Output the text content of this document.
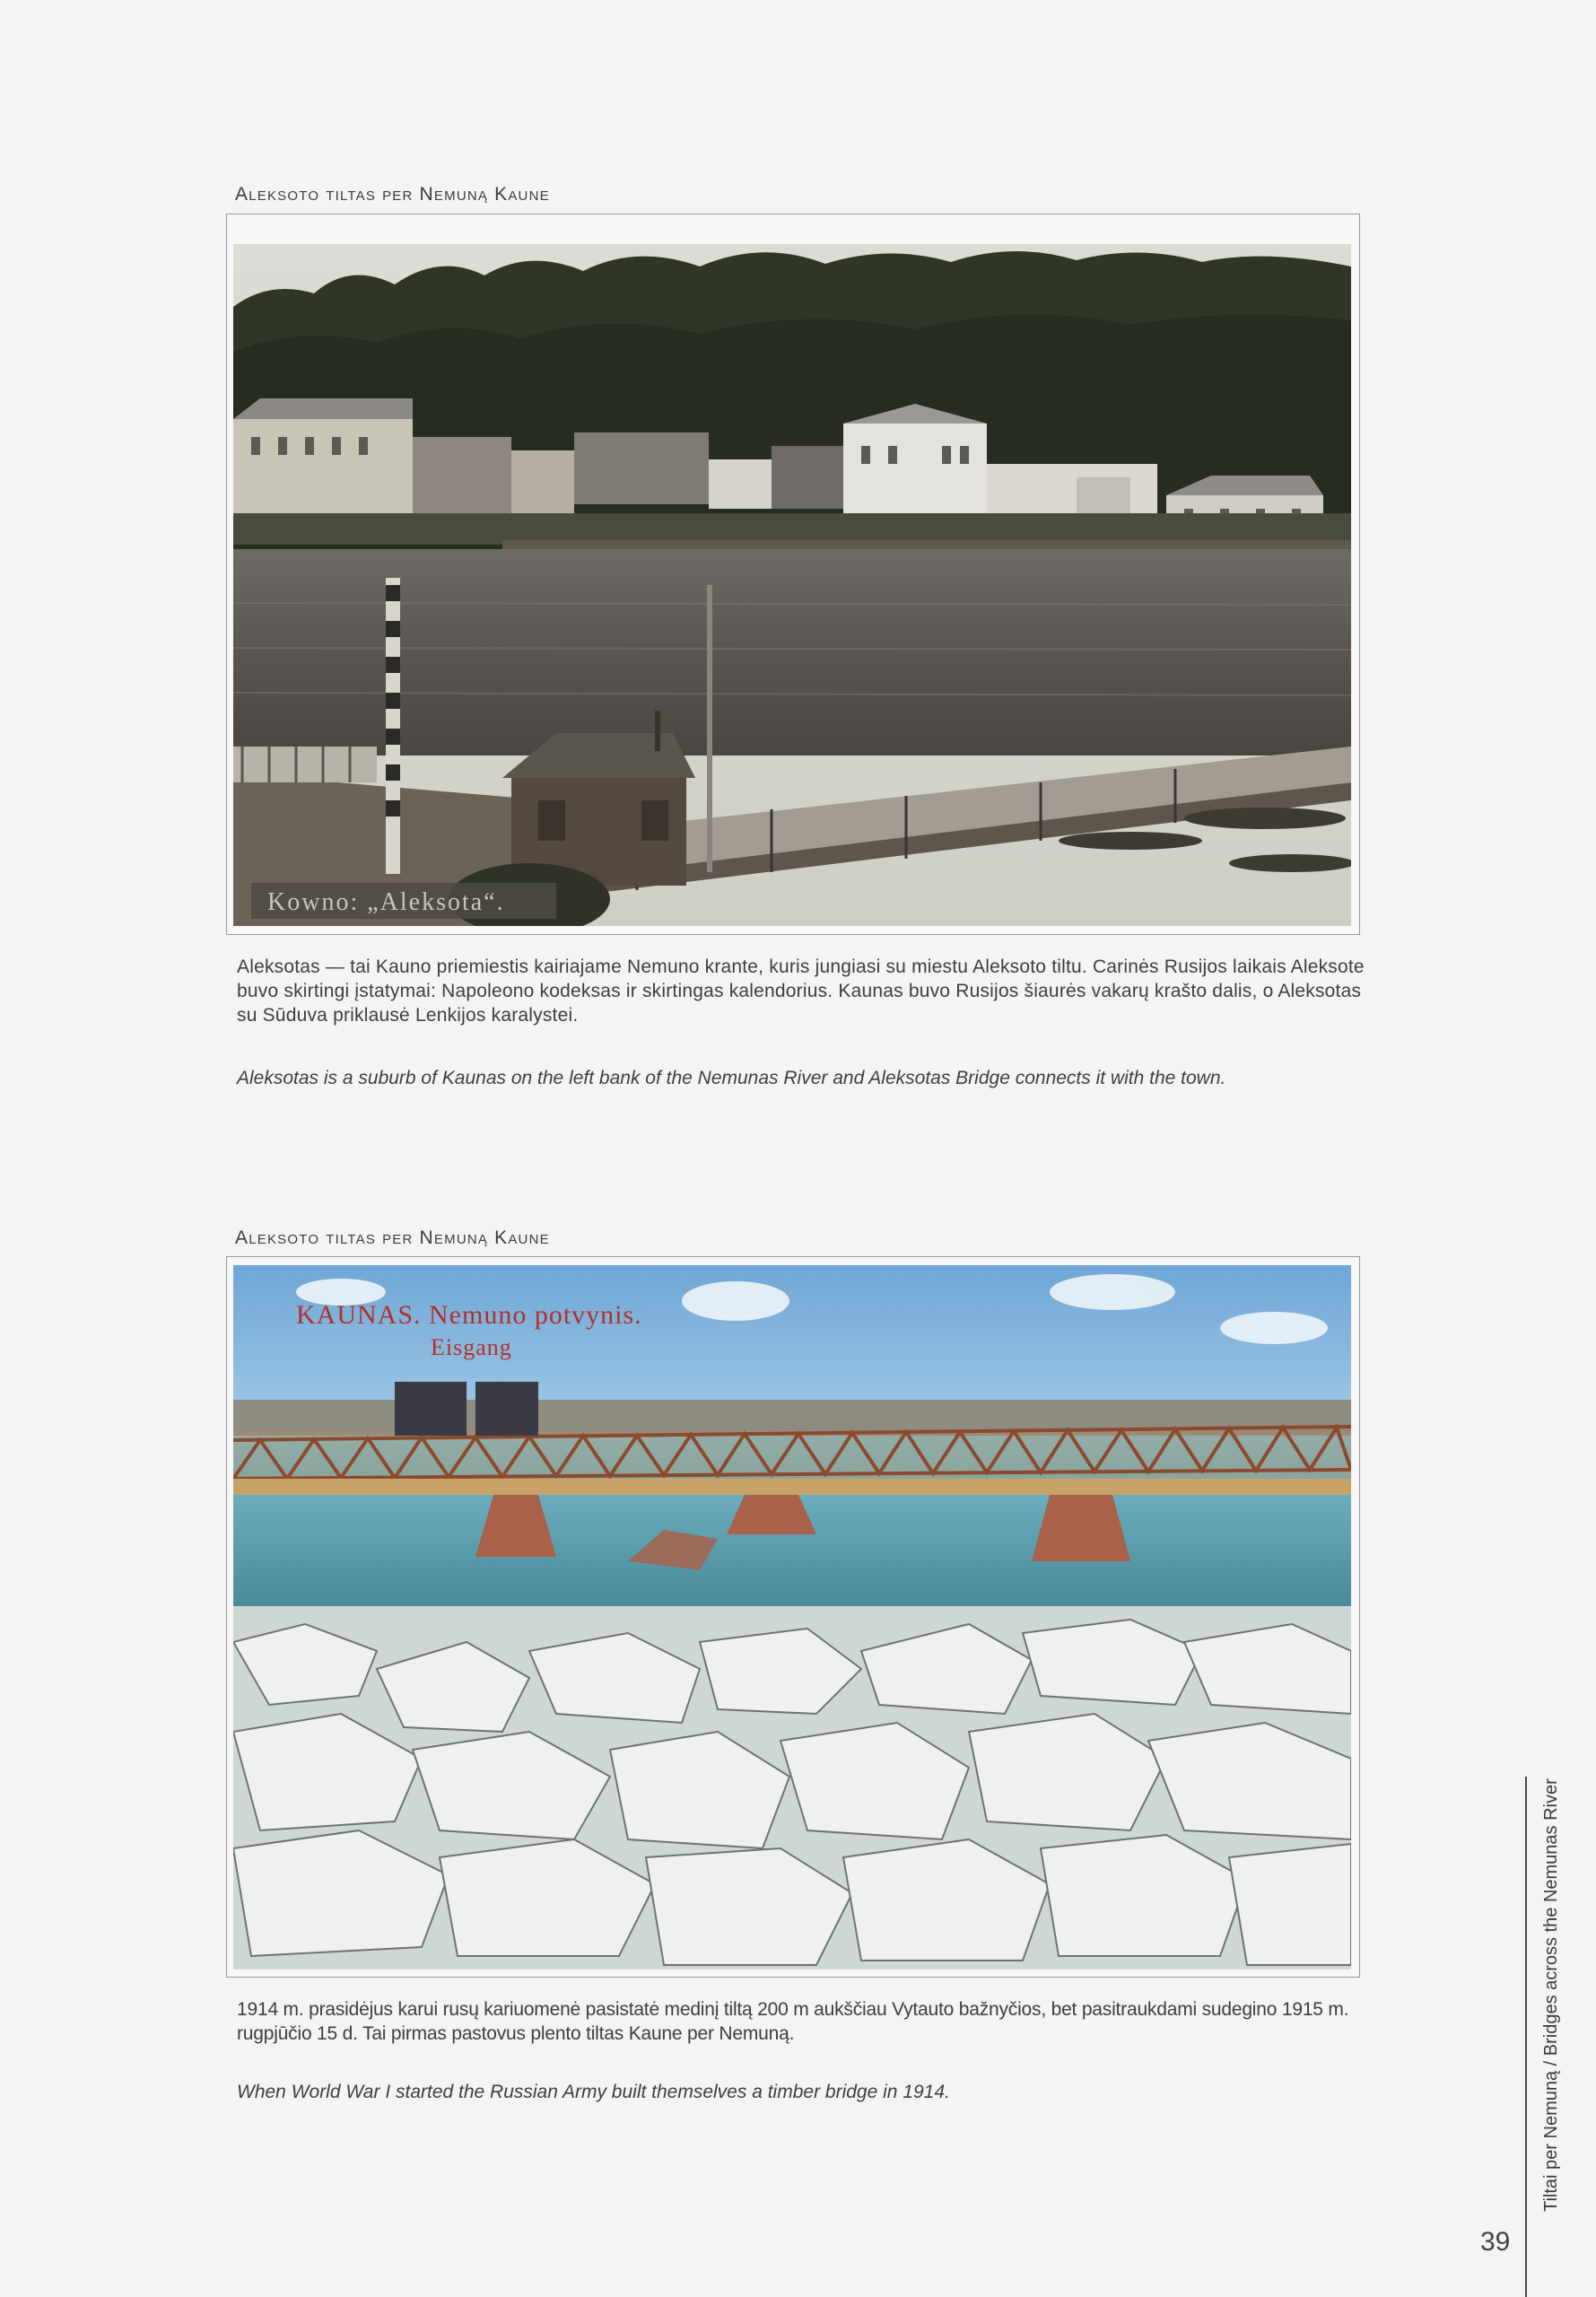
Aleksoto tiltas per Nemuną Kaune
Kowno: „Aleksota“.
Aleksotas — tai Kauno priemiestis kairiajame Nemuno krante, kuris jungiasi su miestu Aleksoto tiltu. Carinės Rusijos laikais Aleksote buvo skirtingi įstatymai: Napoleono kodeksas ir skirtingas kalendorius. Kaunas buvo Rusijos šiaurės vakarų krašto dalis, o Aleksotas su Sūduva priklausė Lenkijos karalystei.
Aleksotas is a suburb of Kaunas on the left bank of the Nemunas River and Aleksotas Bridge connects it with the town.
Aleksoto tiltas per Nemuną Kaune
KAUNAS. Nemuno potvynis.
Eisgang
1914 m. prasidėjus karui rusų kariuomenė pasistatė medinį tiltą 200 m aukščiau Vytauto bažnyčios, bet pasitraukdami sudegino 1915 m. rugpjūčio 15 d. Tai pirmas pastovus plento tiltas Kaune per Nemuną.
When World War I started the Russian Army built themselves a timber bridge in 1914.	Tiltai per Nemuną / Bridges across the Nemunas River
39
